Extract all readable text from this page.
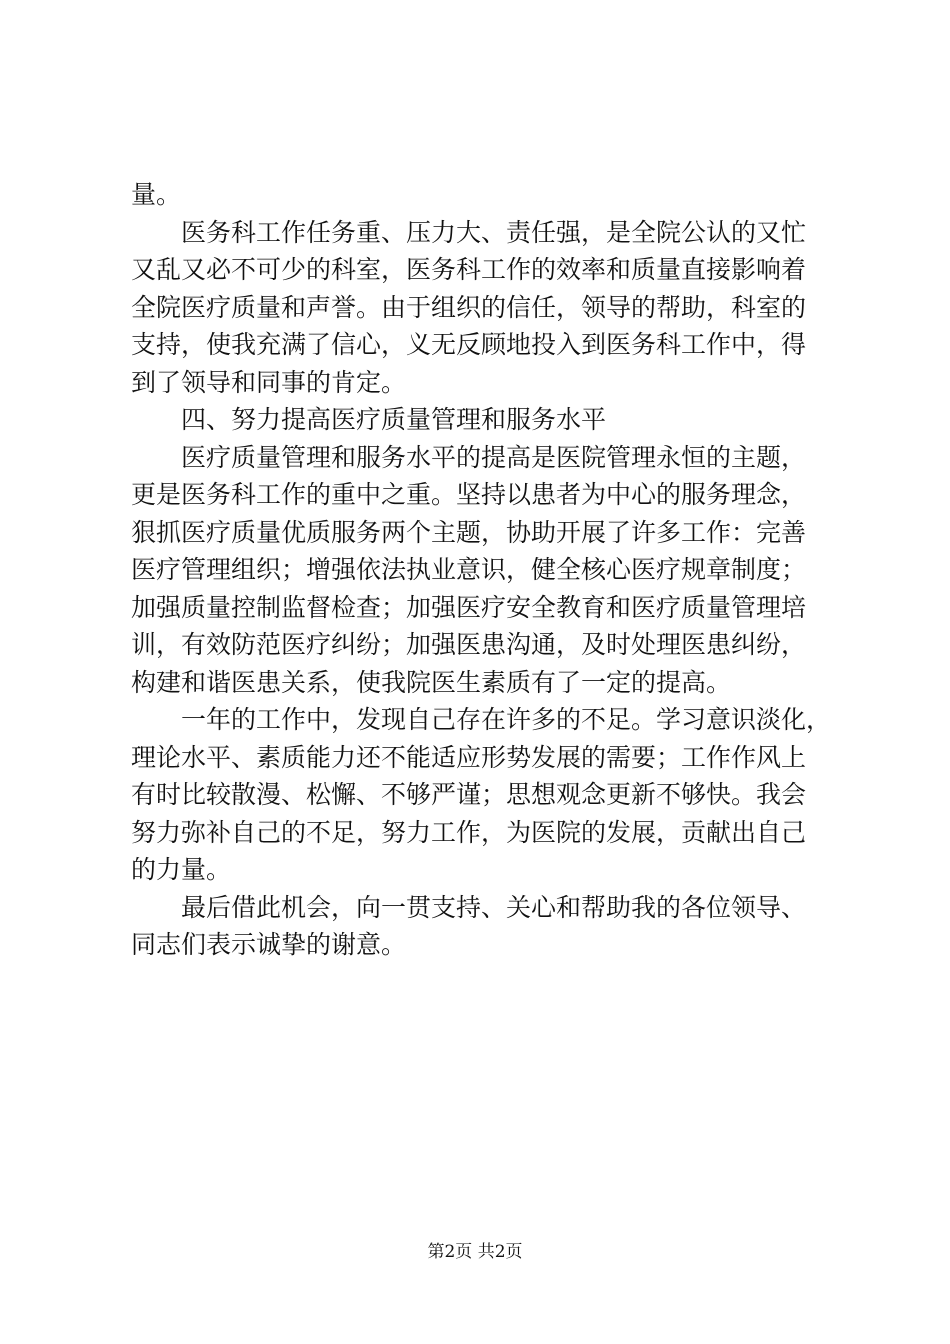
量。
医务科工作任务重、压力大、责任强，是全院公认的又忙
又乱又必不可少的科室，医务科工作的效率和质量直接影响着
全院医疗质量和声誉。由于组织的信任，领导的帮助，科室的
支持，使我充满了信心，义无反顾地投入到医务科工作中，得
到了领导和同事的肯定。
四、努力提高医疗质量管理和服务水平
医疗质量管理和服务水平的提高是医院管理永恒的主题，
更是医务科工作的重中之重。坚持以患者为中心的服务理念，
狠抓医疗质量优质服务两个主题，协助开展了许多工作：完善
医疗管理组织；增强依法执业意识，健全核心医疗规章制度；
加强质量控制监督检查；加强医疗安全教育和医疗质量管理培
训，有效防范医疗纠纷；加强医患沟通，及时处理医患纠纷，
构建和谐医患关系，使我院医生素质有了一定的提高。
一年的工作中，发现自己存在许多的不足。学习意识淡化，
理论水平、素质能力还不能适应形势发展的需要；工作作风上
有时比较散漫、松懈、不够严谨；思想观念更新不够快。我会
努力弥补自己的不足，努力工作，为医院的发展，贡献出自己
的力量。
最后借此机会，向一贯支持、关心和帮助我的各位领导、
同志们表示诚挚的谢意。
第2页 共2页
